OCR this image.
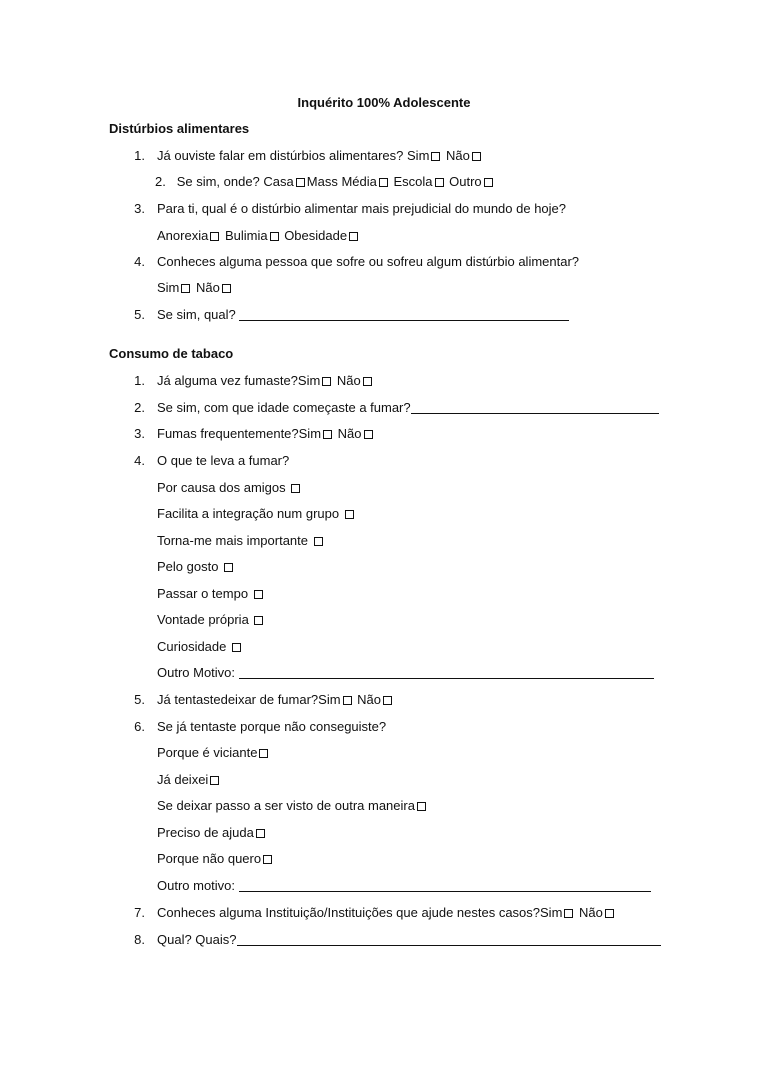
Inquérito 100% Adolescente
Distúrbios alimentares
1. Já ouviste falar em distúrbios alimentares? Sim Não
2. Se sim, onde? Casa Mass Média Escola Outro
3. Para ti, qual é o distúrbio alimentar mais prejudicial do mundo de hoje?
Anorexia Bulimia Obesidade
4. Conheces alguma pessoa que sofre ou sofreu algum distúrbio alimentar?
Sim Não
5. Se sim, qual?
Consumo de tabaco
1. Já alguma vez fumaste?Sim Não
2. Se sim, com que idade começaste a fumar?
3. Fumas frequentemente?Sim Não
4. O que te leva a fumar?
Por causa dos amigos
Facilita a integração num grupo
Torna-me mais importante
Pelo gosto
Passar o tempo
Vontade própria
Curiosidade
Outro Motivo:
5. Já tentastedeixar de fumar?Sim Não
6. Se já tentaste porque não conseguiste?
Porque é viciante
Já deixei
Se deixar passo a ser visto de outra maneira
Preciso de ajuda
Porque não quero
Outro motivo:
7. Conheces alguma Instituição/Instituições que ajude nestes casos?Sim Não
8. Qual? Quais?
